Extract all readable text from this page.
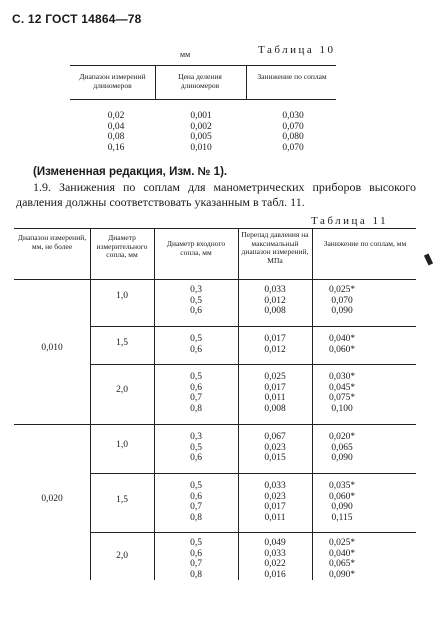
С. 12 ГОСТ 14864—78
Таблица 10
мм
Диапазон измерений длиномеров
Цена деления длиномеров
Занижение по соплам
0,02
0,04
0,08
0,16
0,001
0,002
0,005
0,010
0,030
0,070
0,080
0,070
(Измененная редакция, Изм. № 1).
1.9. Занижения по соплам для манометрических приборов высокого давления должны соответствовать указанным в табл. 11.
Таблица 11
Диапазон измерений, мм, не более
Диаметр измерительного сопла, мм
Диаметр входного сопла, мм
Перепад давления на максимальный диапазон измерений, МПа
Занижение по соплам, мм
0,010
0,020
1,0
1,5
2,0
1,0
1,5
2,0
0,3
0,5
0,6
0,033
0,012
0,008
0,025*
0,070
0,090
0,5
0,6
0,017
0,012
0,040*
0,060*
0,5
0,6
0,7
0,8
0,025
0,017
0,011
0,008
0,030*
0,045*
0,075*
0,100
0,3
0,5
0,6
0,067
0,023
0,015
0,020*
0,065
0,090
0,5
0,6
0,7
0,8
0,033
0,023
0,017
0,011
0,035*
0,060*
0,090
0,115
0,5
0,6
0,7
0,8
0,049
0,033
0,022
0,016
0,025*
0,040*
0,065*
0,090*
